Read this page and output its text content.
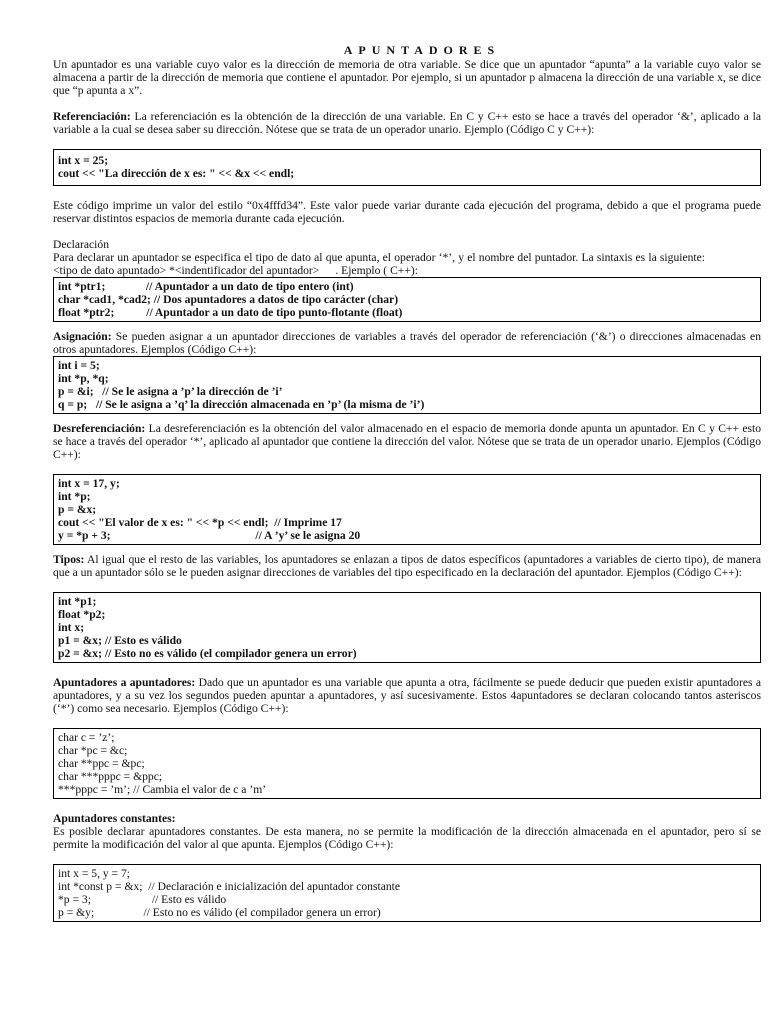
APUNTADORES

Un apuntador es una variable cuyo valor es la dirección de memoria de otra variable. Se dice que un apuntador “apunta” a la variable cuyo valor se almacena a partir de la dirección de memoria que contiene el apuntador. Por ejemplo, si un apuntador p almacena la dirección de una variable x, se dice que “p apunta a x”.

Referenciación: La referenciación es la obtención de la dirección de una variable. En C y C++ esto se hace a través del operador ‘&’, aplicado a la variable a la cual se desea saber su dirección. Nótese que se trata de un operador unario. Ejemplo (Código C y C++):

int x = 25;
cout << "La dirección de x es: " << &x << endl;

Este código imprime un valor del estilo “0x4fffd34”. Este valor puede variar durante cada ejecución del programa, debido a que el programa puede reservar distintos espacios de memoria durante cada ejecución.

Declaración

Para declarar un apuntador se especifica el tipo de dato al que apunta, el operador ‘*’, y el nombre del puntador. La sintaxis es la siguiente:<tipo de dato apuntado> *<indentificador del apuntador> . Ejemplo ( C++):

int *ptr1;              // Apuntador a un dato de tipo entero (int)
char *cad1, *cad2; // Dos apuntadores a datos de tipo carácter (char)
float *ptr2;           // Apuntador a un dato de tipo punto-flotante (float)

Asignación: Se pueden asignar a un apuntador direcciones de variables a través del operador de referenciación (‘&’) o direcciones almacenadas en otros apuntadores. Ejemplos (Código C++):

int i = 5;
int *p, *q;
p = &i;   // Se le asigna a ’p’ la dirección de ’i’
q = p;   // Se le asigna a ’q’ la dirección almacenada en ’p’ (la misma de ’i’)

Desreferenciación: La desreferenciación es la obtención del valor almacenado en el espacio de memoria donde apunta un apuntador. En C y C++ esto se hace a través del operador ‘*’, aplicado al apuntador que contiene la dirección del valor. Nótese que se trata de un operador unario. Ejemplos (Código C++):

int x = 17, y;
int *p;
p = &x;
cout << "El valor de x es: " << *p << endl;  // Imprime 17
y = *p + 3;                                                  // A ’y’ se le asigna 20

Tipos: Al igual que el resto de las variables, los apuntadores se enlazan a tipos de datos específicos (apuntadores a variables de cierto tipo), de manera que a un apuntador sólo se le pueden asignar direcciones de variables del tipo especificado en la declaración del apuntador. Ejemplos (Código C++):

int *p1;
float *p2;
int x;
p1 = &x; // Esto es válido
p2 = &x; // Esto no es válido (el compilador genera un error)

Apuntadores a apuntadores: Dado que un apuntador es una variable que apunta a otra, fácilmente se puede deducir que pueden existir apuntadores a apuntadores, y a su vez los segundos pueden apuntar a apuntadores, y así sucesivamente. Estos 4apuntadores se declaran colocando tantos asteriscos (‘*’) como sea necesario. Ejemplos (Código C++):

char c = ’z’;
char *pc = &c;
char **ppc = &pc;
char ***pppc = &ppc;
***pppc = ’m’; // Cambia el valor de c a ’m’

Apuntadores constantes:

Es posible declarar apuntadores constantes. De esta manera, no se permite la modificación de la dirección almacenada en el apuntador, pero sí se permite la modificación del valor al que apunta. Ejemplos (Código C++):

int x = 5, y = 7;
int *const p = &x;  // Declaración e inicialización del apuntador constante
*p = 3;                     // Esto es válido
p = &y;                 // Esto no es válido (el compilador genera un error)
